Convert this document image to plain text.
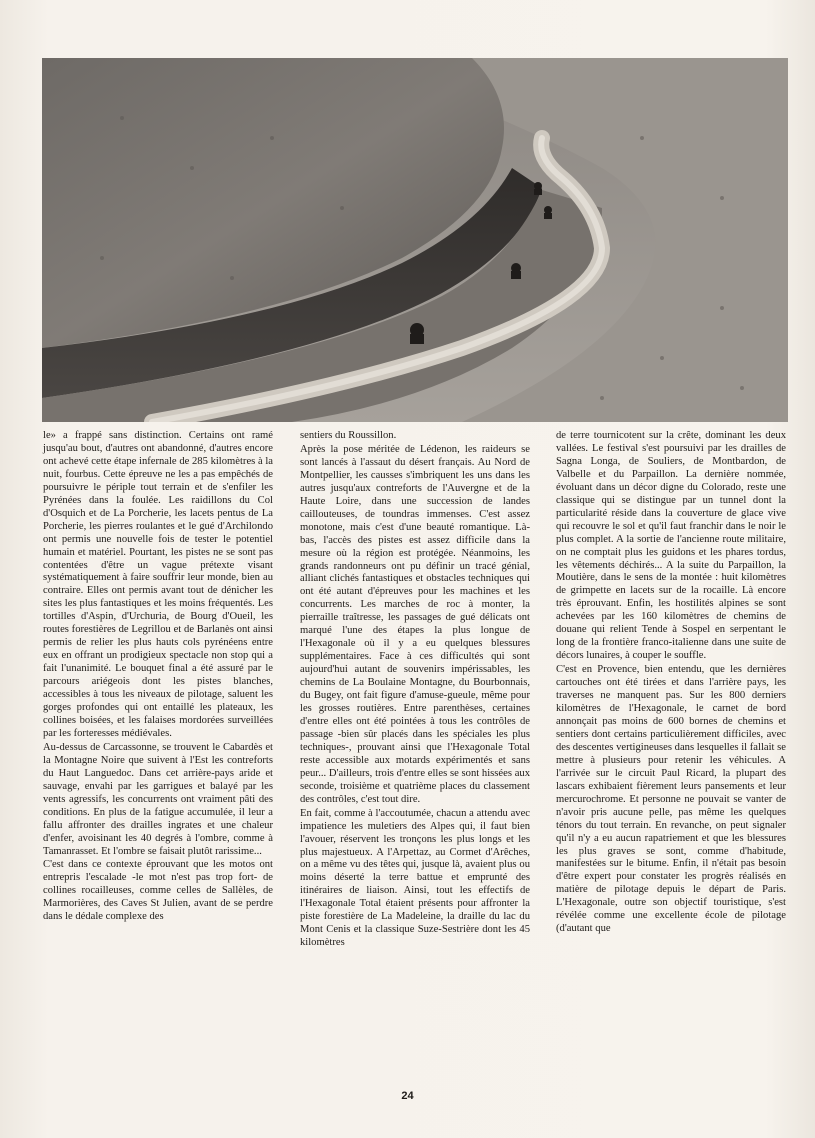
le» a frappé sans distinction. Certains ont ramé jusqu'au bout, d'autres ont abandonné, d'autres encore ont achevé cette étape infernale de 285 kilomètres à la nuit, fourbus. Cette épreuve ne les a pas empêchés de poursuivre le périple tout terrain et de s'enfiler les Pyrénées dans la foulée. Les raidillons du Col d'Osquich et de La Porcherie, les lacets pentus de La Porcherie, les pierres roulantes et le gué d'Archilondo ont permis une nouvelle fois de tester le potentiel humain et matériel. Pourtant, les pistes ne se sont pas contentées d'être un vague prétexte visant systématiquement à faire souffrir leur monde, bien au contraire. Elles ont permis avant tout de dénicher les sites les plus fantastiques et les moins fréquentés. Les tortilles d'Aspin, d'Urchuria, de Bourg d'Oueil, les routes forestières de Legrillou et de Barlanès ont ainsi permis de relier les plus hauts cols pyrénéens entre eux en offrant un prodigieux spectacle non stop qui a fait l'unanimité. Le bouquet final a été assuré par le parcours ariégeois dont les pistes blanches, accessibles à tous les niveaux de pilotage, saluent les gorges profondes qui ont entaillé les plateaux, les collines boisées, et les falaises mordorées surveillées par les forteresses médiévales.

Au-dessus de Carcassonne, se trouvent le Cabardès et la Montagne Noire que suivent à l'Est les contreforts du Haut Languedoc. Dans cet arrière-pays aride et sauvage, envahi par les garrigues et balayé par les vents agressifs, les concurrents ont vraiment pâti des conditions. En plus de la fatigue accumulée, il leur a fallu affronter des drailles ingrates et une chaleur d'enfer, avoisinant les 40 degrés à l'ombre, comme à Tamanrasset. Et l'ombre se faisait plutôt rarissime...

C'est dans ce contexte éprouvant que les motos ont entrepris l'escalade -le mot n'est pas trop fort- de collines rocailleuses, comme celles de Sallèles, de Marmorières, des Caves St Julien, avant de se perdre dans le dédale complexe des

sentiers du Roussillon.

Après la pose méritée de Lédenon, les raideurs se sont lancés à l'assaut du désert français. Au Nord de Montpellier, les causses s'imbriquent les uns dans les autres jusqu'aux contreforts de l'Auvergne et de la Haute Loire, dans une succession de landes caillouteuses, de toundras immenses. C'est assez monotone, mais c'est d'une beauté romantique. Là-bas, l'accès des pistes est assez difficile dans la mesure où la région est protégée. Néanmoins, les grands randonneurs ont pu définir un tracé génial, alliant clichés fantastiques et obstacles techniques qui ont été autant d'épreuves pour les machines et les concurrents. Les marches de roc à monter, la pierraille traîtresse, les passages de gué délicats ont marqué l'une des étapes la plus longue de l'Hexagonale où il y a eu quelques blessures supplémentaires. Face à ces difficultés qui sont aujourd'hui autant de souvenirs impérissables, les chemins de La Boulaine Montagne, du Bourbonnais, du Bugey, ont fait figure d'amuse-gueule, même pour les grosses routières. Entre parenthèses, certaines d'entre elles ont été pointées à tous les contrôles de passage -bien sûr placés dans les spéciales les plus techniques-, prouvant ainsi que l'Hexagonale Total reste accessible aux motards expérimentés et sans peur... D'ailleurs, trois d'entre elles se sont hissées aux seconde, troisième et quatrième places du classement des contrôles, c'est tout dire.

En fait, comme à l'accoutumée, chacun a attendu avec impatience les muletiers des Alpes qui, il faut bien l'avouer, réservent les tronçons les plus longs et les plus majestueux. A l'Arpettaz, au Cormet d'Arêches, on a même vu des têtes qui, jusque là, avaient plus ou moins déserté la terre battue et emprunté des itinéraires de liaison. Ainsi, tout les effectifs de l'Hexagonale Total étaient présents pour affronter la piste forestière de La Madeleine, la draille du lac du Mont Cenis et la classique Suze-Sestrière dont les 45 kilomètres

de terre tournicotent sur la crête, dominant les deux vallées. Le festival s'est poursuivi par les drailles de Sagna Longa, de Souliers, de Montbardon, de Valbelle et du Parpaillon. La dernière nommée, évoluant dans un décor digne du Colorado, reste une classique qui se distingue par un tunnel dont la particularité réside dans la couverture de glace vive qui recouvre le sol et qu'il faut franchir dans le noir le plus complet. A la sortie de l'ancienne route militaire, on ne comptait plus les guidons et les phares tordus, les vêtements déchirés... A la suite du Parpaillon, la Moutière, dans le sens de la montée : huit kilomètres de grimpette en lacets sur de la rocaille. Là encore très éprouvant. Enfin, les hostilités alpines se sont achevées par les 160 kilomètres de chemins de douane qui relient Tende à Sospel en serpentant le long de la frontière franco-italienne dans une suite de décors lunaires, à couper le souffle.

C'est en Provence, bien entendu, que les dernières cartouches ont été tirées et dans l'arrière pays, les traverses ne manquent pas. Sur les 800 derniers kilomètres de l'Hexagonale, le carnet de bord annonçait pas moins de 600 bornes de chemins et sentiers dont certains particulièrement difficiles, avec des descentes vertigineuses dans lesquelles il fallait se mettre à plusieurs pour retenir les véhicules. A l'arrivée sur le circuit Paul Ricard, la plupart des lascars exhibaient fièrement leurs pansements et leur mercurochrome. Et personne ne pouvait se vanter de n'avoir pris aucune pelle, pas même les quelques ténors du tout terrain. En revanche, on peut signaler qu'il n'y a eu aucun rapatriement et que les blessures les plus graves se sont, comme d'habitude, manifestées sur le bitume. Enfin, il n'était pas besoin d'être expert pour constater les progrès réalisés en matière de pilotage depuis le départ de Paris. L'Hexagonale, outre son objectif touristique, s'est révélée comme une excellente école de pilotage (d'autant que

24
